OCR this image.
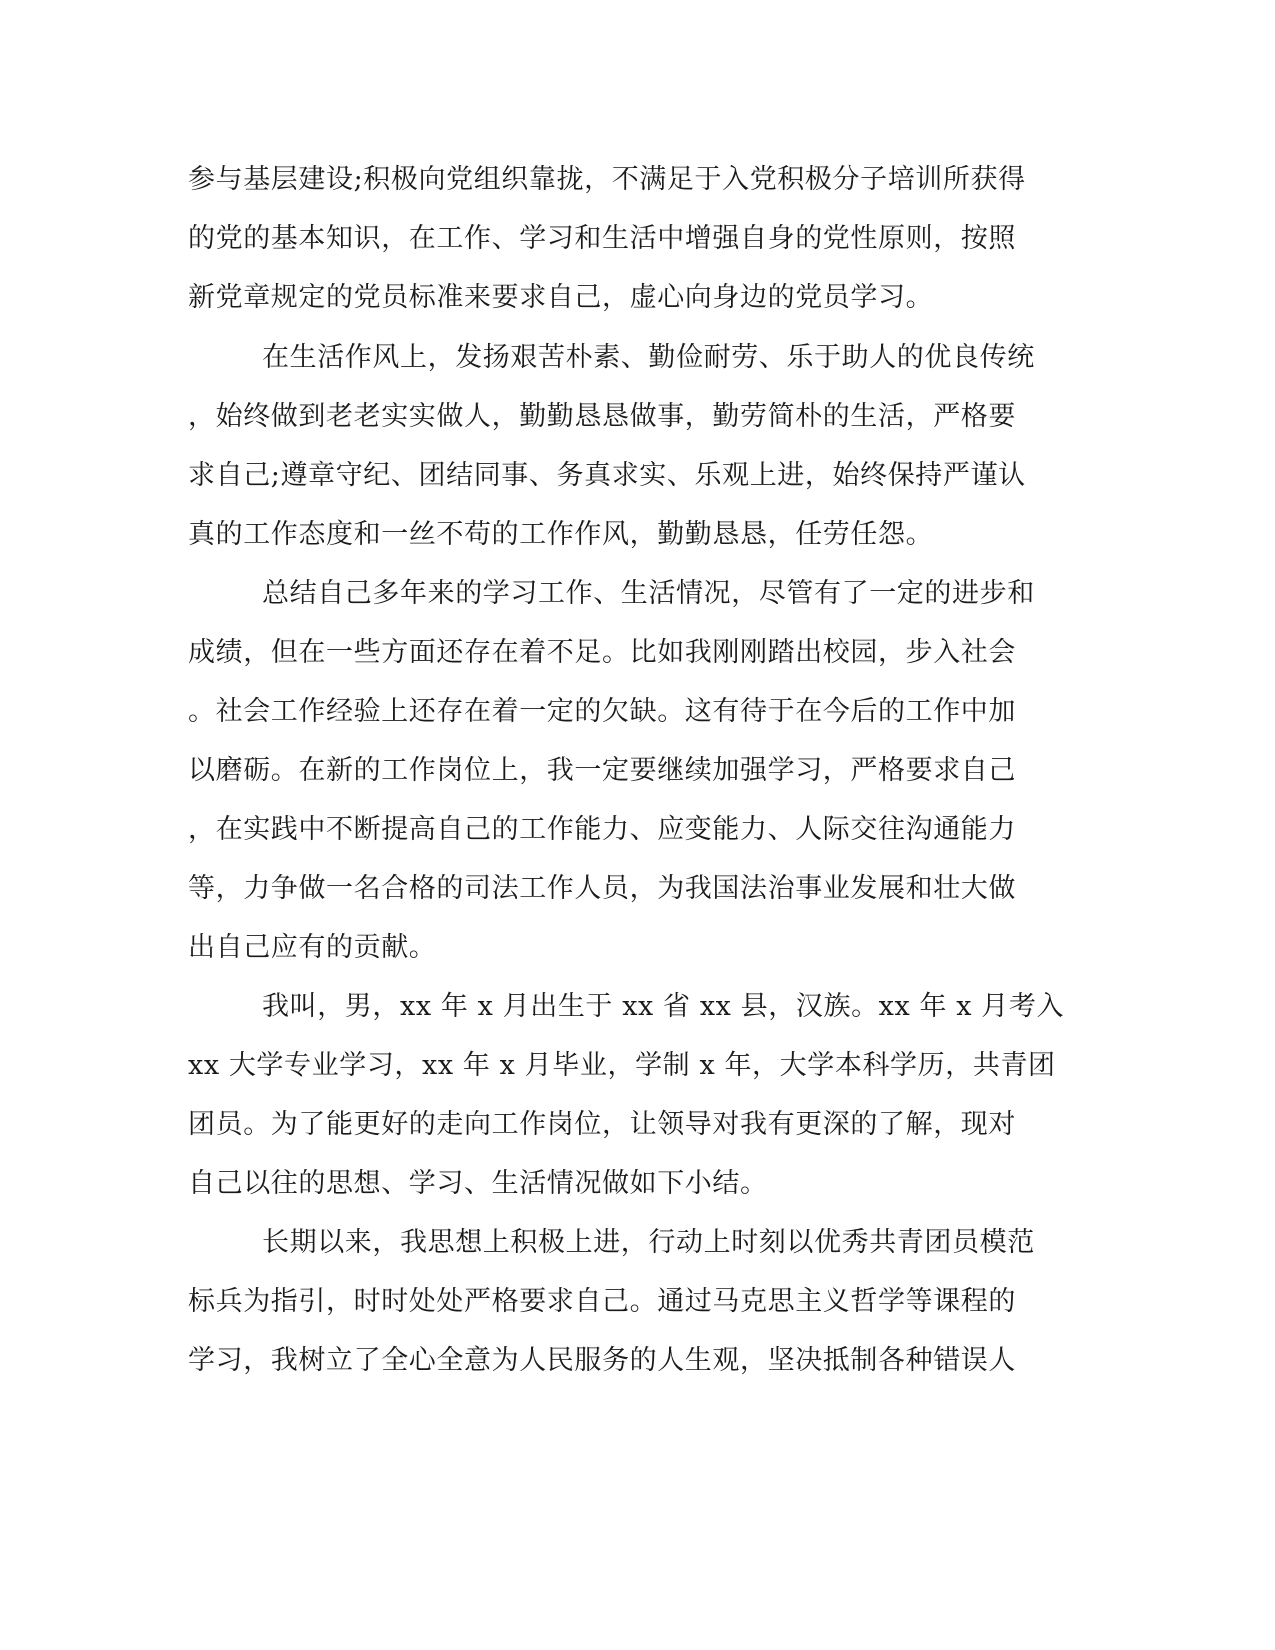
参与基层建设;积极向党组织靠拢，不满足于入党积极分子培训所获得
的党的基本知识，在工作、学习和生活中增强自身的党性原则，按照
新党章规定的党员标准来要求自己，虚心向身边的党员学习。
在生活作风上，发扬艰苦朴素、勤俭耐劳、乐于助人的优良传统
，始终做到老老实实做人，勤勤恳恳做事，勤劳简朴的生活，严格要
求自己;遵章守纪、团结同事、务真求实、乐观上进，始终保持严谨认
真的工作态度和一丝不苟的工作作风，勤勤恳恳，任劳任怨。
总结自己多年来的学习工作、生活情况，尽管有了一定的进步和
成绩，但在一些方面还存在着不足。比如我刚刚踏出校园，步入社会
。社会工作经验上还存在着一定的欠缺。这有待于在今后的工作中加
以磨砺。在新的工作岗位上，我一定要继续加强学习，严格要求自己
，在实践中不断提高自己的工作能力、应变能力、人际交往沟通能力
等，力争做一名合格的司法工作人员，为我国法治事业发展和壮大做
出自己应有的贡献。
我叫，男，xx 年 x 月出生于 xx 省 xx 县，汉族。xx 年 x 月考入
xx 大学专业学习，xx 年 x 月毕业，学制 x 年，大学本科学历，共青团
团员。为了能更好的走向工作岗位，让领导对我有更深的了解，现对
自己以往的思想、学习、生活情况做如下小结。
长期以来，我思想上积极上进，行动上时刻以优秀共青团员模范
标兵为指引，时时处处严格要求自己。通过马克思主义哲学等课程的
学习，我树立了全心全意为人民服务的人生观，坚决抵制各种错误人
